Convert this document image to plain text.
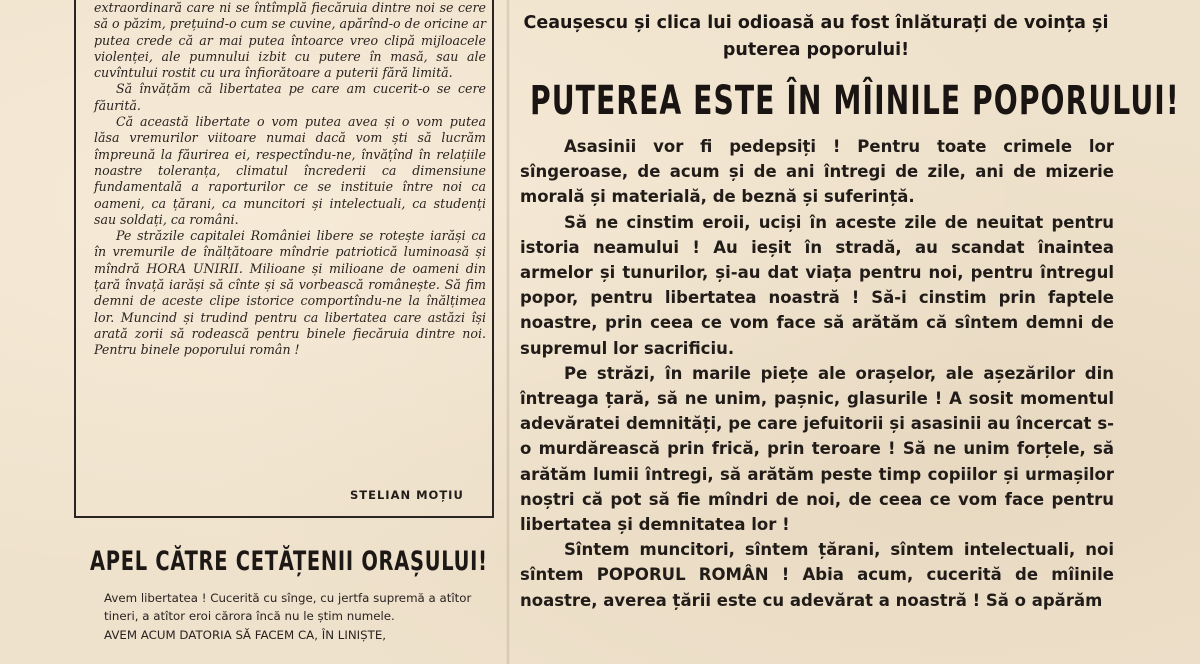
extraordinară care ni se întîmplă fiecăruia dintre noi se cere să o păzim, prețuind-o cum se cuvine, apărînd-o de oricine ar putea crede că ar mai putea întoarce vreo clipă mijloacele violenței, ale pumnului izbit cu putere în masă, sau ale cuvîntului rostit cu ura înfiorătoare a puterii fără limită.

Să învățăm că libertatea pe care am cucerit-o se cere făurită.

Că această libertate o vom putea avea și o vom putea lăsa vremurilor viitoare numai dacă vom ști să lucrăm împreună la făurirea ei, respectîndu-ne, învățînd în relațiile noastre toleranța, climatul încrederii ca dimensiune fundamentală a raporturilor ce se instituie între noi ca oameni, ca țărani, ca muncitori și intelectuali, ca studenți sau soldați, ca români.

Pe străzile capitalei României libere se rotește iarăși ca în vremurile de înălțătoare mîndrie patriotică luminoasă și mîndră HORA UNIRII. Milioane și milioane de oameni din țară învață iarăși să cînte și să vorbească românește. Să fim demni de aceste clipe istorice comportîndu-ne la înălțimea lor. Muncind și trudind pentru ca libertatea care astăzi își arată zorii să rodească pentru binele fiecăruia dintre noi. Pentru binele poporului român !

STELIAN MOȚIU
APEL CĂTRE CETĂȚENII ORAȘULUI!

Avem libertatea ! Cucerită cu sînge, cu jertfa supremă a atîtor tineri, a atîtor eroi cărora încă nu le știm numele.

AVEM ACUM DATORIA SĂ FACEM CA, ÎN LINIȘTE,

Ceaușescu și clica lui odioasă au fost înlăturați de voința și puterea poporului!
PUTEREA ESTE ÎN MÎINILE POPORULUI!

Asasinii vor fi pedepsiți ! Pentru toate crimele lor sîngeroase, de acum și de ani întregi de zile, ani de mizerie morală și materială, de beznă și suferință.

Să ne cinstim eroii, uciși în aceste zile de neuitat pentru istoria neamului ! Au ieșit în stradă, au scandat înaintea armelor și tunurilor, și-au dat viața pentru noi, pentru întregul popor, pentru libertatea noastră ! Să-i cinstim prin faptele noastre, prin ceea ce vom face să arătăm că sîntem demni de supremul lor sacrificiu.

Pe străzi, în marile piețe ale orașelor, ale așezărilor din întreaga țară, să ne unim, pașnic, glasurile ! A sosit momentul adevăratei demnități, pe care jefuitorii și asasinii au încercat s-o murdărească prin frică, prin teroare ! Să ne unim forțele, să arătăm lumii întregi, să arătăm peste timp copiilor și urmașilor noștri că pot să fie mîndri de noi, de ceea ce vom face pentru libertatea și demnitatea lor !

Sîntem muncitori, sîntem țărani, sîntem intelectuali, noi sîntem POPORUL ROMÂN ! Abia acum, cucerită de mîinile noastre, averea țării este cu adevărat a noastră ! Să o apărăm
